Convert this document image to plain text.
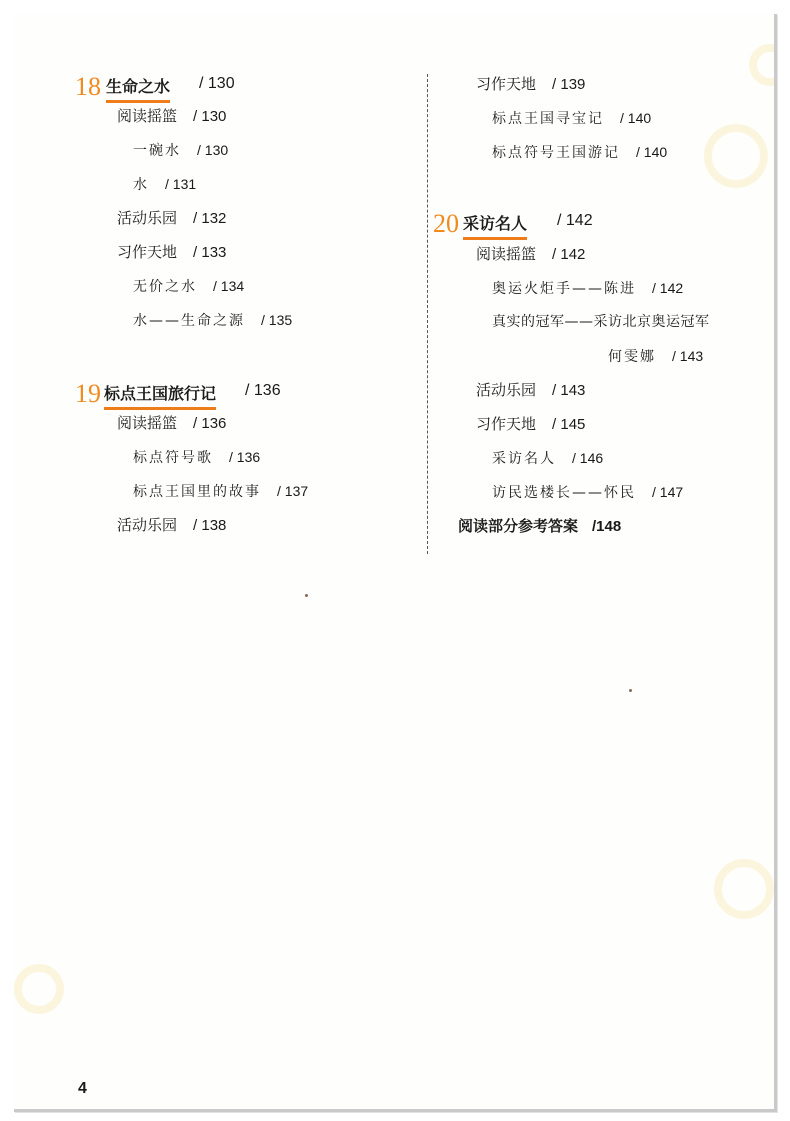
18 生命之水 / 130
阅读摇篮 / 130
一碗水 / 130
水 / 131
活动乐园 / 132
习作天地 / 133
无价之水 / 134
水——生命之源 / 135
19 标点王国旅行记 / 136
阅读摇篮 / 136
标点符号歌 / 136
标点王国里的故事 / 137
活动乐园 / 138
习作天地 / 139
标点王国寻宝记 / 140
标点符号王国游记 / 140
20 采访名人 / 142
阅读摇篮 / 142
奥运火炬手——陈进 / 142
真实的冠军——采访北京奥运冠军
何雯娜 / 143
活动乐园 / 143
习作天地 / 145
采访名人 / 146
访民选楼长——怀民 / 147
阅读部分参考答案 /148
4
